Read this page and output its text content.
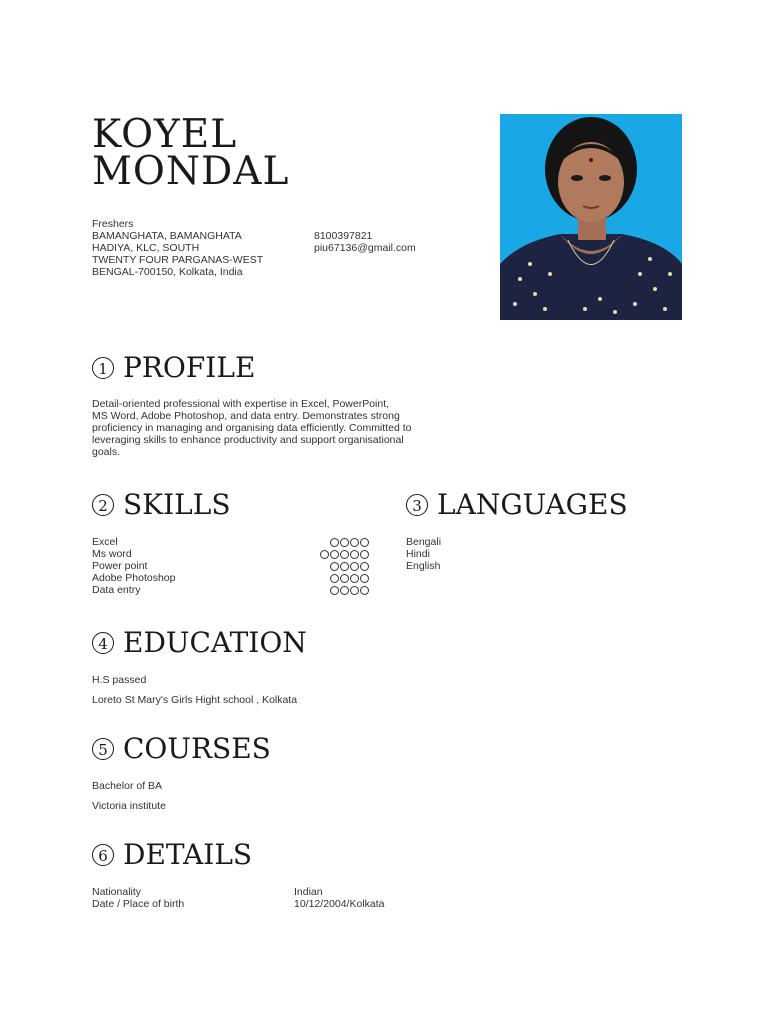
KOYEL
MONDAL
Freshers
BAMANGHATA, BAMANGHATA
HADIYA, KLC, SOUTH
TWENTY FOUR PARGANAS-WEST
BENGAL-700150, Kolkata, India
8100397821
piu67136@gmail.com
1 PROFILE
Detail-oriented professional with expertise in Excel, PowerPoint,
MS Word, Adobe Photoshop, and data entry. Demonstrates strong
proficiency in managing and organising data efficiently. Committed to
leveraging skills to enhance productivity and support organisational
goals.
2 SKILLS
Excel
Ms word
Power point
Adobe Photoshop
Data entry
3 LANGUAGES
Bengali
Hindi
English
4 EDUCATION
H.S passed
Loreto St Mary's Girls Hight school , Kolkata
5 COURSES
Bachelor of BA
Victoria institute
6 DETAILS
Nationality
Date / Place of birth
Indian
10/12/2004/Kolkata
